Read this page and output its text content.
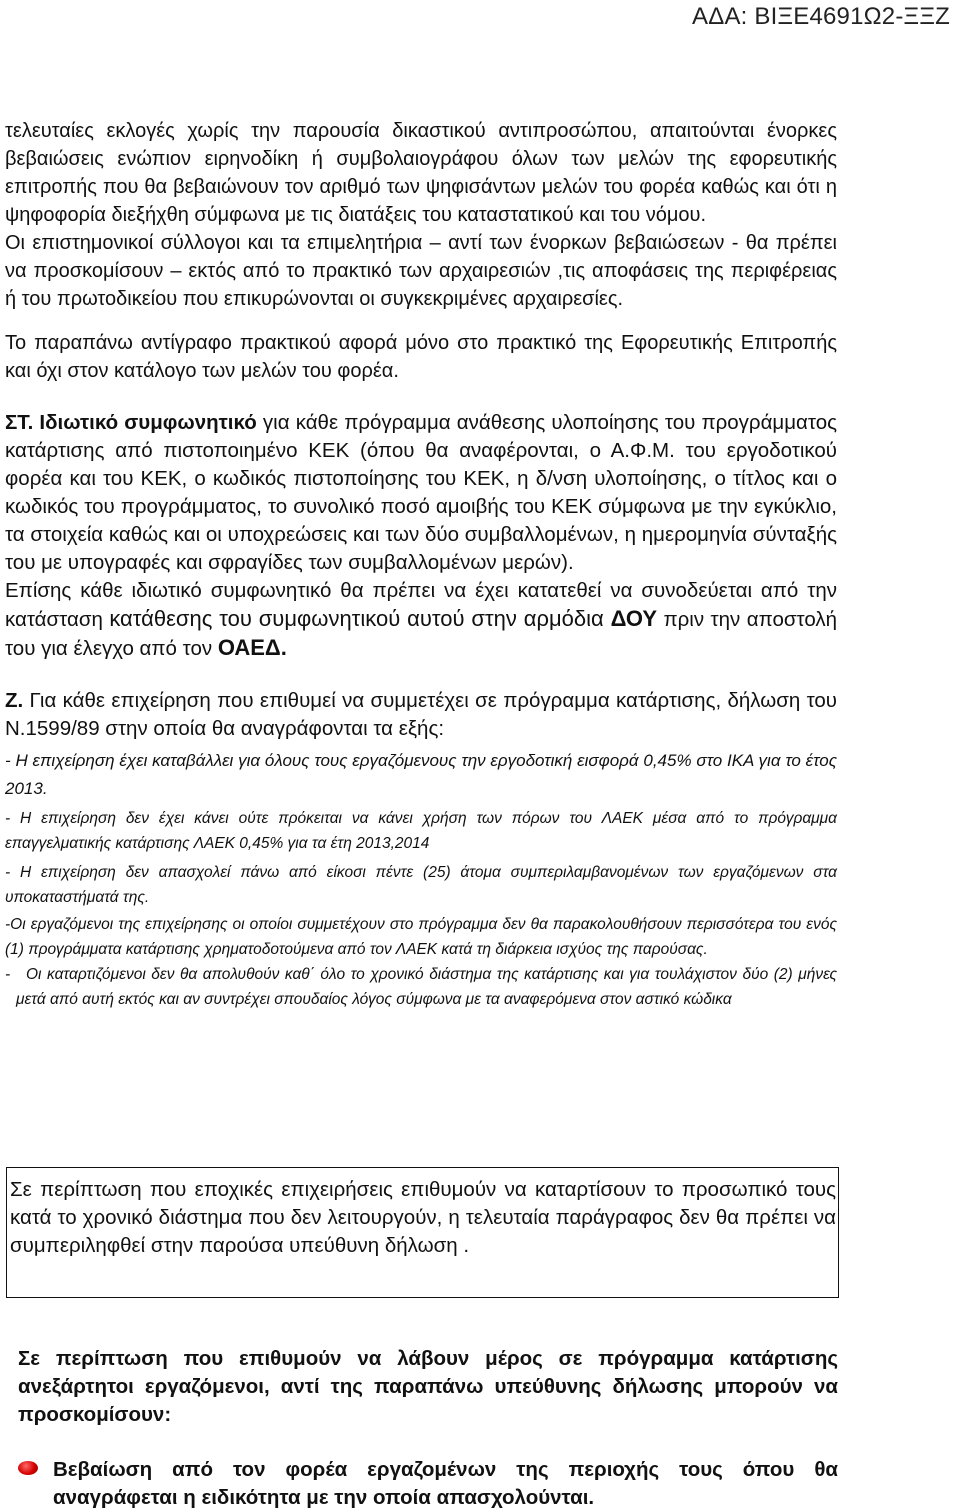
ΑΔΑ: ΒΙΞΕ4691Ω2-ΞΞΖ

τελευταίες εκλογές χωρίς την παρουσία δικαστικού αντιπροσώπου, απαιτούνται ένορκες βεβαιώσεις ενώπιον ειρηνοδίκη ή συμβολαιογράφου όλων των μελών της εφορευτικής επιτροπής που θα βεβαιώνουν τον αριθμό των ψηφισάντων μελών του φορέα καθώς και ότι η ψηφοφορία διεξήχθη σύμφωνα με τις διατάξεις του καταστατικού και του νόμου.

Οι επιστημονικοί σύλλογοι και τα επιμελητήρια – αντί των ένορκων βεβαιώσεων - θα πρέπει να προσκομίσουν – εκτός από το πρακτικό των αρχαιρεσιών ,τις αποφάσεις της περιφέρειας ή του πρωτοδικείου που επικυρώνονται οι συγκεκριμένες αρχαιρεσίες.

Το παραπάνω αντίγραφο πρακτικού αφορά μόνο στο πρακτικό της Εφορευτικής Επιτροπής και όχι στον κατάλογο των μελών του φορέα.

ΣΤ. Ιδιωτικό συμφωνητικό για κάθε πρόγραμμα ανάθεσης υλοποίησης του προγράμματος κατάρτισης από πιστοποιημένο ΚΕΚ (όπου θα αναφέρονται, ο Α.Φ.Μ. του εργοδοτικού φορέα και του ΚΕΚ, ο κωδικός πιστοποίησης του ΚΕΚ, η δ/νση υλοποίησης, ο τίτλος και ο κωδικός του προγράμματος, το συνολικό ποσό αμοιβής του ΚΕΚ σύμφωνα με την εγκύκλιο, τα στοιχεία καθώς και οι υποχρεώσεις και των δύο συμβαλλομένων, η ημερομηνία σύνταξής του με υπογραφές και σφραγίδες των συμβαλλομένων μερών).

Επίσης κάθε ιδιωτικό συμφωνητικό θα πρέπει να έχει κατατεθεί να συνοδεύεται από την κατάσταση κατάθεσης του συμφωνητικού αυτού στην αρμόδια ΔΟΥ πριν την αποστολή του για έλεγχο από τον ΟΑΕΔ.

Ζ. Για κάθε επιχείρηση που επιθυμεί να συμμετέχει σε πρόγραμμα κατάρτισης, δήλωση του Ν.1599/89 στην οποία θα αναγράφονται τα εξής:

- Η επιχείρηση έχει καταβάλλει για όλους τους εργαζόμενους την εργοδοτική εισφορά 0,45% στο ΙΚΑ για το έτος 2013.

- Η επιχείρηση δεν έχει κάνει ούτε πρόκειται να κάνει χρήση των πόρων του ΛΑΕΚ μέσα από το πρόγραμμα επαγγελματικής κατάρτισης ΛΑΕΚ 0,45% για τα έτη 2013,2014

- Η επιχείρηση δεν απασχολεί πάνω από είκοσι πέντε (25) άτομα συμπεριλαμβανομένων των εργαζόμενων στα υποκαταστήματά της.

-Οι εργαζόμενοι της επιχείρησης οι οποίοι συμμετέχουν στο πρόγραμμα δεν θα παρακολουθήσουν περισσότερα του ενός (1) προγράμματα κατάρτισης χρηματοδοτούμενα από τον ΛΑΕΚ κατά τη διάρκεια ισχύος της παρούσας.

-	Οι καταρτιζόμενοι δεν θα απολυθούν καθ΄ όλο το χρονικό διάστημα της κατάρτισης και για τουλάχιστον δύο (2) μήνες μετά από αυτή εκτός και αν συντρέχει σπουδαίος λόγος σύμφωνα με τα αναφερόμενα στον αστικό κώδικα

Σε περίπτωση που εποχικές επιχειρήσεις επιθυμούν να καταρτίσουν το προσωπικό τους κατά το χρονικό διάστημα που δεν λειτουργούν, η τελευταία παράγραφος δεν θα πρέπει να συμπεριληφθεί στην παρούσα υπεύθυνη δήλωση .

Σε περίπτωση που επιθυμούν να λάβουν μέρος σε πρόγραμμα κατάρτισης ανεξάρτητοι εργαζόμενοι, αντί της παραπάνω υπεύθυνης δήλωσης μπορούν να προσκομίσουν:

Βεβαίωση από τον φορέα εργαζομένων της περιοχής τους όπου θα αναγράφεται η ειδικότητα με την οποία απασχολούνται.
